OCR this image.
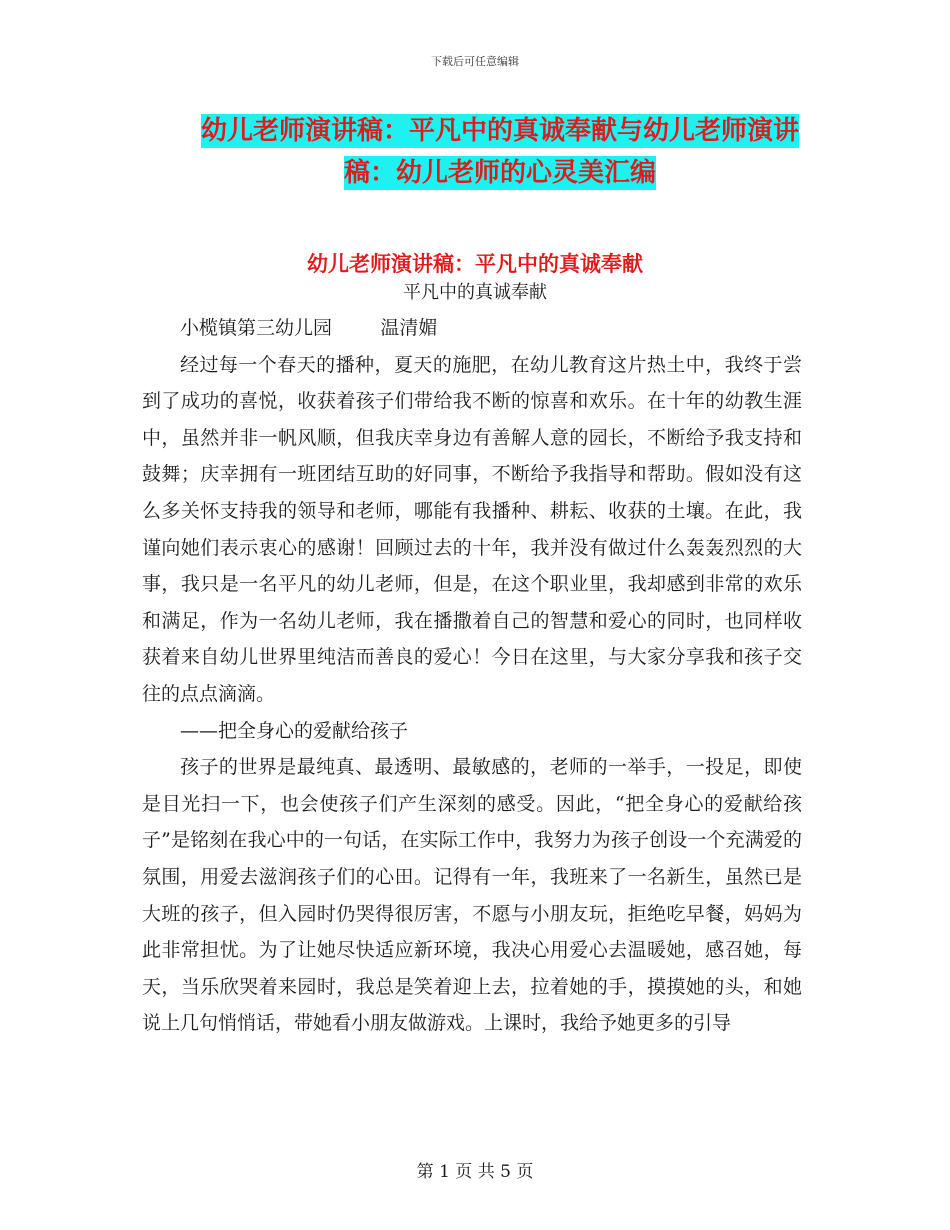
下载后可任意编辑
幼儿老师演讲稿：平凡中的真诚奉献与幼儿老师演讲
稿：幼儿老师的心灵美汇编
幼儿老师演讲稿：平凡中的真诚奉献
平凡中的真诚奉献
小榄镇第三幼儿园        温清媚

经过每一个春天的播种，夏天的施肥，在幼儿教育这片热土中，我终于尝到了成功的喜悦，收获着孩子们带给我不断的惊喜和欢乐。在十年的幼教生涯中，虽然并非一帆风顺，但我庆幸身边有善解人意的园长，不断给予我支持和鼓舞；庆幸拥有一班团结互助的好同事，不断给予我指导和帮助。假如没有这么多关怀支持我的领导和老师，哪能有我播种、耕耘、收获的土壤。在此，我谨向她们表示衷心的感谢！回顾过去的十年，我并没有做过什么轰轰烈烈的大事，我只是一名平凡的幼儿老师，但是，在这个职业里，我却感到非常的欢乐和满足，作为一名幼儿老师，我在播撒着自己的智慧和爱心的同时，也同样收获着来自幼儿世界里纯洁而善良的爱心！今日在这里，与大家分享我和孩子交往的点点滴滴。

——把全身心的爱献给孩子

孩子的世界是最纯真、最透明、最敏感的，老师的一举手，一投足，即使是目光扫一下，也会使孩子们产生深刻的感受。因此，“把全身心的爱献给孩子”是铭刻在我心中的一句话，在实际工作中，我努力为孩子创设一个充满爱的氛围，用爱去滋润孩子们的心田。记得有一年，我班来了一名新生，虽然已是大班的孩子，但入园时仍哭得很厉害，不愿与小朋友玩，拒绝吃早餐，妈妈为此非常担忧。为了让她尽快适应新环境，我决心用爱心去温暖她，感召她，每天，当乐欣哭着来园时，我总是笑着迎上去，拉着她的手，摸摸她的头，和她说上几句悄悄话，带她看小朋友做游戏。上课时，我给予她更多的引导

第 1 页 共 5 页
